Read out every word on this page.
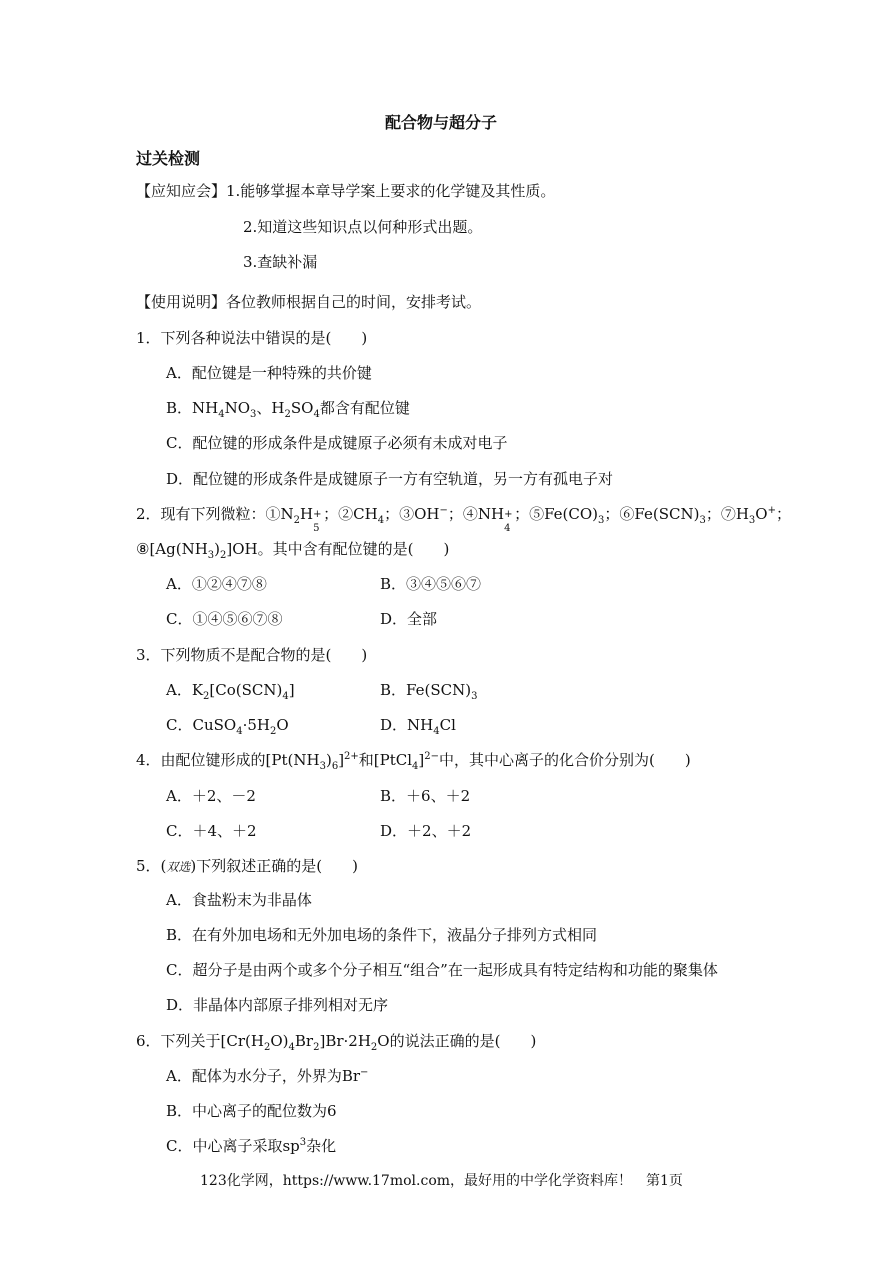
配合物与超分子
过关检测
【应知应会】1.能够掌握本章导学案上要求的化学键及其性质。
2.知道这些知识点以何种形式出题。
3.查缺补漏
【使用说明】各位教师根据自己的时间，安排考试。
1．下列各种说法中错误的是(　　)
A．配位键是一种特殊的共价键
B．$NH_4NO_3$、$H_2SO_4$都含有配位键
C．配位键的形成条件是成键原子必须有未成对电子
D．配位键的形成条件是成键原子一方有空轨道，另一方有孤电子对
2．现有下列微粒：$①N_2H$ +
5
；$②CH_4$；③OH−；④NH +
4
；$⑤Fe(CO)_3$；$⑥Fe(SCN)_3$；$⑦H_3O^+$；
$⑧[Ag(NH_3)_2]OH$。其中含有配位键的是(　　)
A．①②④⑦⑧	B．③④⑤⑥⑦
C．①④⑤⑥⑦⑧	D．全部
3．下列物质不是配合物的是(　　)
A．$K_2[Co(SCN)_4]$	B．$Fe(SCN)_3$
C．$CuSO_4\cdot 5H_2O$	D．$NH_4Cl$
4．由配位键形成的$[Pt(NH_3)_6]^{2+}$和[PtCl$_4$]$^{2-}$中，其中心离子的化合价分别为(　　)
A．＋2、－2	B．＋6、＋2
C．＋4、＋2	D．＋2、＋2
5．(双选)下列叙述正确的是(　　)
A．食盐粉末为非晶体
B．在有外加电场和无外加电场的条件下，液晶分子排列方式相同
C．超分子是由两个或多个分子相互“组合”在一起形成具有特定结构和功能的聚集体
D．非晶体内部原子排列相对无序
6．下列关于$[Cr(H_2O)_4Br_2]Br\cdot 2H_2O$的说法正确的是(　　)
A．配体为水分子，外界为Br−
B．中心离子的配位数为6
C．中心离子采取$sp^3$杂化
123化学网，https://www.17mol.com，最好用的中学化学资料库！　第1页
